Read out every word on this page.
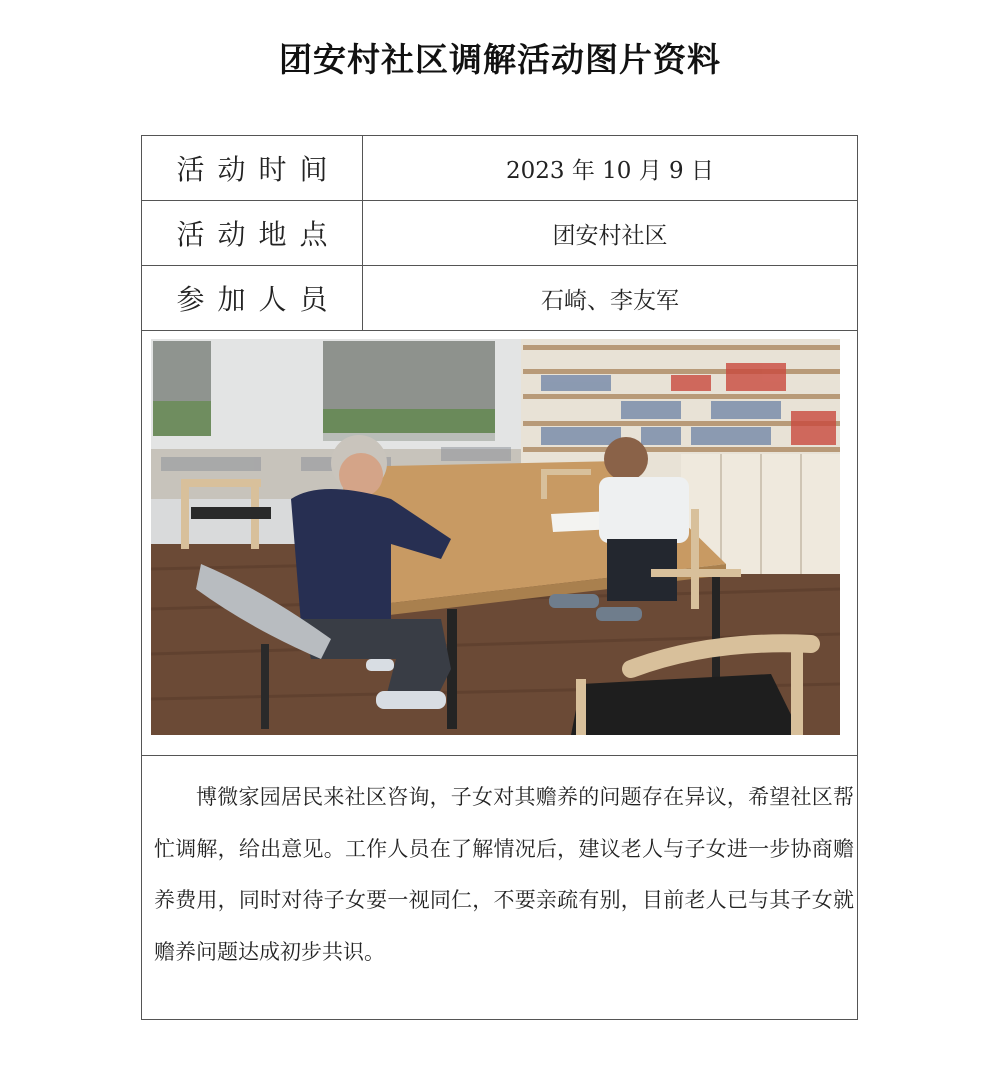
团安村社区调解活动图片资料
活动时间	2023 年 10 月 9 日
活动地点	团安村社区
参加人员	石崎、李友军

博微家园居民来社区咨询，子女对其赡养的问题存在异议，希望社区帮忙调解，给出意见。工作人员在了解情况后，建议老人与子女进一步协商赡养费用，同时对待子女要一视同仁，不要亲疏有别，目前老人已与其子女就赡养问题达成初步共识。
